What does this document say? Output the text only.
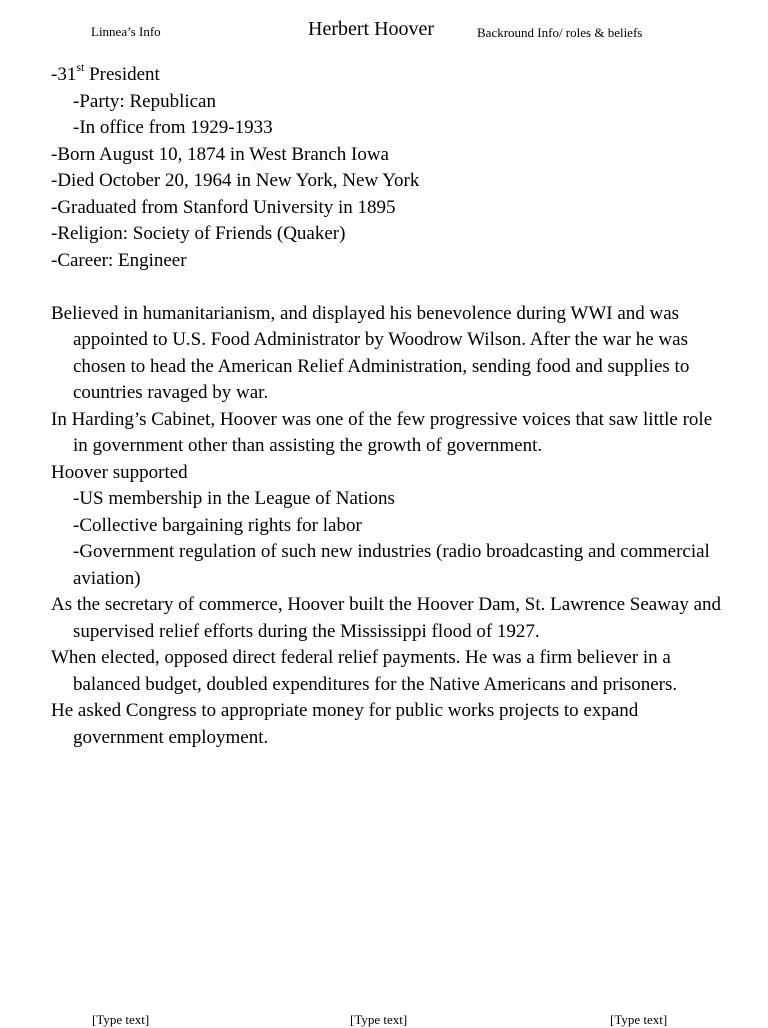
Linnea’s Info	Herbert Hoover	Backround Info/ roles & beliefs
-31st President
-Party: Republican
-In office from 1929-1933
-Born August 10, 1874 in West Branch Iowa
-Died October 20, 1964 in New York, New York
-Graduated from Stanford University in 1895
-Religion: Society of Friends (Quaker)
-Career: Engineer
Believed in humanitarianism, and displayed his benevolence during WWI and was appointed to U.S. Food Administrator by Woodrow Wilson. After the war he was chosen to head the American Relief Administration, sending food and supplies to countries ravaged by war.
In Harding’s Cabinet, Hoover was one of the few progressive voices that saw little role in government other than assisting the growth of government.
Hoover supported
-US membership in the League of Nations
-Collective bargaining rights for labor
-Government regulation of such new industries (radio broadcasting and commercial aviation)
As the secretary of commerce, Hoover built the Hoover Dam, St. Lawrence Seaway and supervised relief efforts during the Mississippi flood of 1927.
When elected, opposed direct federal relief payments. He was a firm believer in a balanced budget, doubled expenditures for the Native Americans and prisoners.
He asked Congress to appropriate money for public works projects to expand government employment.
[Type text]	[Type text]	[Type text]
